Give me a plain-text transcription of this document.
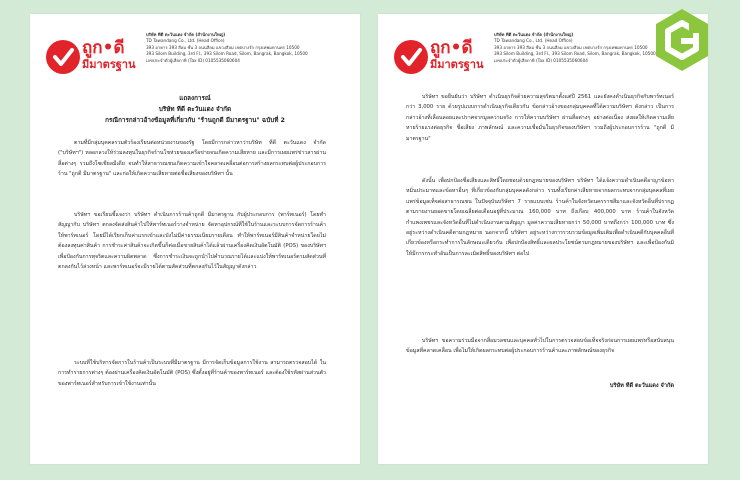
ถูก•ดี
มีมาตรฐาน
บริษัท ทีดี ตะวันแดง จำกัด (สำนักงานใหญ่)
TD Tawandang Co., Ltd. (Head Office)
393 อาคาร 393 สีลม ชั้น 3 ถนนสีลม แขวงสีลม เขตบางรัก กรุงเทพมหานคร 10500
393 Silom Building, 3rd Fl., 393 Silom Road, Silom, Bangrak, Bangkok, 10500
เลขประจำตัวผู้เสียภาษี (Tax ID) 0105535060604
แถลงการณ์
บริษัท ทีดี ตะวันแดง จำกัด
กรณีการกล่าวอ้างข้อมูลที่เกี่ยวกับ "ร้านถูกดี มีมาตรฐาน" ฉบับที่ 2
ตามที่มีกลุ่มบุคคลรวมตัวร้องเรียนต่อหน่วยงานของรัฐ โดยมีการกล่าวหาว่าบริษัท ทีดี ตะวันแดง จำกัด ("บริษัทฯ") หลอกลวงให้ร่วมลงทุนในธุรกิจร้านโชห่วยของเครือข่ายจนเกิดความเสียหาย และมีการเผยแพร่ข่าวสารผ่านสื่อต่างๆ รวมถึงโซเชียลมีเดีย จนทำให้สาธารณชนเกิดความเข้าใจคลาดเคลื่อนต่อการสร้างผลกระทบต่อผู้ประกอบการร้าน "ถูกดี มีมาตรฐาน" และก่อให้เกิดความเสียหายต่อชื่อเสียงของบริษัทฯ นั้น
บริษัทฯ ขอเรียนชี้แจงว่า บริษัทฯ ดำเนินการร้านค้าถูกดี มีมาตรฐาน กับผู้ประกอบการ (พาร์ทเนอร์) โดยทำสัญญากับ บริษัทฯ ตกลงจัดส่งสินค้าไปให้พาร์ทเนอร์วางจำหน่าย จัดหาอุปกรณ์ที่ใช้ในร้านและระบบการจัดการร้านค้าให้พาร์ทเนอร์ โดยมีได้เรียกเก็บค่าแรกเข้าและบังไม่มีค่าธรรมเนียมรายเดือน ทำให้พาร์ทเนอร์มีสินค้าจำหน่ายโดยไม่ต้องลงทุนค่าสินค้า การชำระค่าสินค้าจะเกิดขึ้นก็ต่อเมื่อขายสินค้าได้แล้วผ่านเครื่องคิดเงินอัตโนมัติ (POS) ของบริษัทฯ เพื่อป้องกันการทุจริตและความผิดพลาด ซึ่งการชำระเงินจะถูกนำไปคำนวณรายได้และแบ่งให้พาร์ทเนอร์ตามสัดส่วนที่ตกลงกันไว้ล่วงหน้า และพาร์ทเนอร์จะมีรายได้ตามสัดส่วนที่ตกลงกันไว้ในสัญญาดังกล่าว
ระบบที่ใช้บริหารจัดการในร้านค้าเป็นระบบที่มีมาตรฐาน มีการจัดเก็บข้อมูลการใช้งาน สามารถตรวจสอบได้ ในการทำรายการต่างๆ ต้องผ่านเครื่องคิดเงินอัตโนมัติ (POS) ซึ่งตั้งอยู่ที่ร้านค้าของพาร์ทเนอร์ และต้องใช้รหัสผ่านส่วนตัวของพาร์ทเนอร์สำหรับการเข้าใช้งานเท่านั้น
ถูก•ดี
มีมาตรฐาน
บริษัท ทีดี ตะวันแดง จำกัด (สำนักงานใหญ่)
TD Tawandang Co., Ltd. (Head Office)
393 อาคาร 393 สีลม ชั้น 3 ถนนสีลม แขวงสีลม เขตบางรัก กรุงเทพมหานคร 10500
393 Silom Building, 3rd Fl., 393 Silom Road, Silom, Bangrak, Bangkok, 10500
เลขประจำตัวผู้เสียภาษี (Tax ID) 0105535060604
บริษัทฯ ขอยืนยันว่า บริษัทฯ ดำเนินธุรกิจด้วยความสุจริตมาตั้งแต่ปี 2561 และยังคงดำเนินธุรกิจกับพาร์ทเนอร์กว่า 3,000 ราย ด้วยรูปแบบการดำเนินธุรกิจเดียวกัน ข้อกล่าวอ้างของกลุ่มบุคคลที่ได้ความบริษัทฯ ดังกล่าว เป็นการกล่าวอ้างที่เลื่อนลอยและปราศจากมูลความจริง การให้ความบริษัทฯ ผ่านสื่อต่างๆ อย่างต่อเนื่อง ส่งผลให้เกิดความเสียหายร้ายแรงต่อธุรกิจ ชื่อเสียง ภาพลักษณ์ และความเชื่อมั่นในธุรกิจของบริษัทฯ รวมถึงผู้ประกอบการร้าน "ถูกดี มีมาตรฐาน"
ดังนั้น เพื่อปกป้องชื่อเสียงและสิทธิ์โดยชอบด้วยกฎหมายของบริษัทฯ บริษัทฯ ได้แจ้งความดำเนินคดีอาญาข้อหาหมิ่นประมาทและข้อหาอื่นๆ ที่เกี่ยวข้องกับกลุ่มบุคคลดังกล่าว รวมทั้งเรียกค่าเสียหายจากผลกระทบจากกลุ่มบุคคลที่เผยแพร่ข้อมูลเท็จต่อสาธารณชน ในปัจจุบันบริษัทฯ 7 รายแบบเช่น ร้านค้าในจังหวัดนครราชสีมาและจังหวัดอื่นที่ปรากฏตามรายงานยอดขายโดยเฉลี่ยต่อเดือนอยู่ที่ประมาณ 160,000 บาท ถึงเกือบ 400,000 บาท ร้านค้าในจังหวัดกำแพงเพชรและจังหวัดอื่นที่ไม่ดำเนินงานตามสัญญา มูลค่าความเสียหายกว่า 50,000 บาทถึงกว่า 100,000 บาท ซึ่งอยู่ระหว่างดำเนินคดีตามกฎหมาย นอกจากนี้ บริษัทฯ อยู่ระหว่างการรวบรวมข้อมูลเพิ่มเติมเพื่อดำเนินคดีกับบุคคลอื่นที่เกี่ยวข้องหรือกระทำการในลักษณะเดียวกัน เพื่อปกป้องสิทธิ์และผลประโยชน์ตามกฎหมายของบริษัทฯ และเพื่อป้องกันมิให้มีการกระทำอันเป็นการละเมิดสิทธิ์ของบริษัทฯ ต่อไป
บริษัทฯ ขอความร่วมมือจากสื่อมวลชนและบุคคลทั่วไปในการตรวจสอบข้อเท็จจริงก่อนการเผยแพร่หรือสนับสนุนข้อมูลที่คลาดเคลื่อน เพื่อไม่ให้เกิดผลกระทบต่อผู้ประกอบการร้านค้าและภาพลักษณ์ของธุรกิจ
บริษัท ทีดี ตะวันแดง จำกัด
